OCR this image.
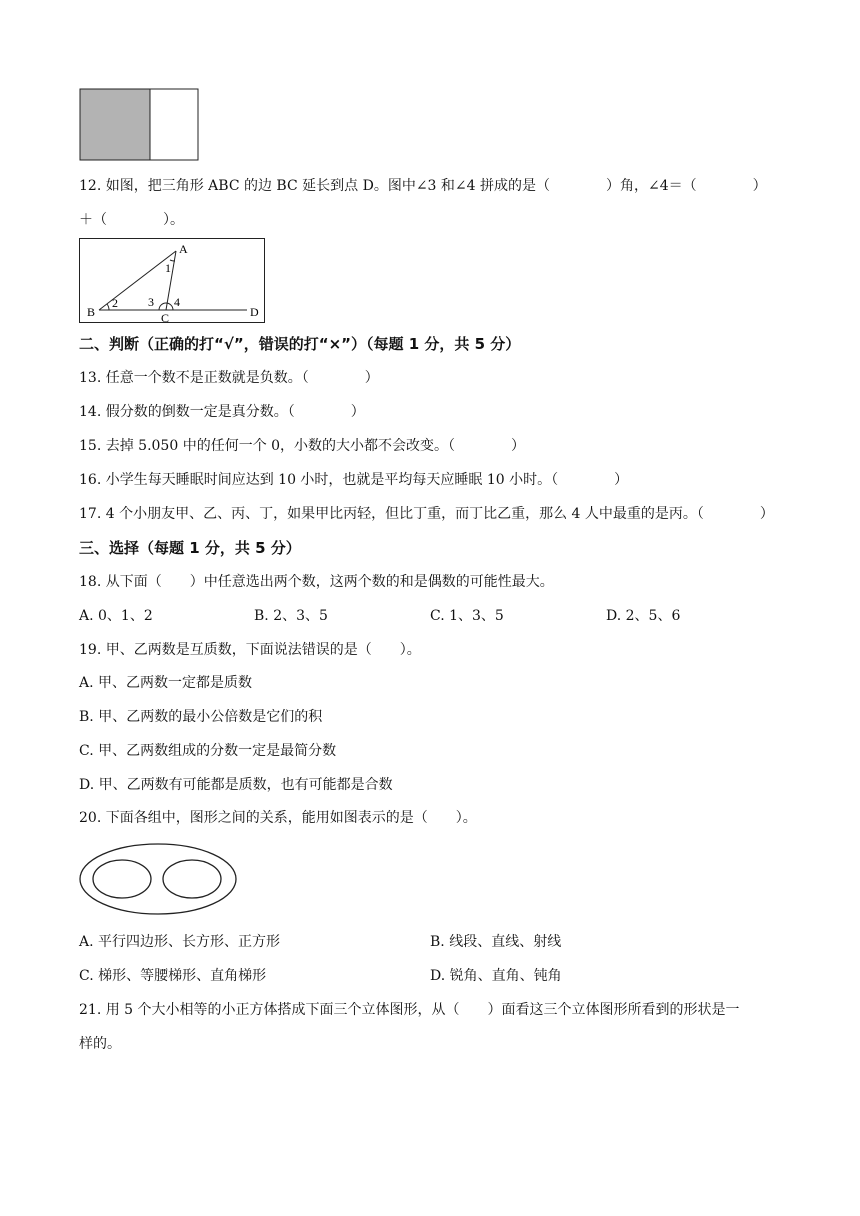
12. 如图，把三角形 ABC 的边 BC 延长到点 D。图中∠3 和∠4 拼成的是（　　　　）角，∠4＝（　　　　）
＋（　　　　）。
A
B	C	D
1
2	3 4
二、判断（正确的打“√”，错误的打“×”）（每题 1 分，共 5 分）
13. 任意一个数不是正数就是负数。（　　　　）
14. 假分数的倒数一定是真分数。（　　　　）
15. 去掉 5.050 中的任何一个 0，小数的大小都不会改变。（　　　　）
16. 小学生每天睡眠时间应达到 10 小时，也就是平均每天应睡眠 10 小时。（　　　　）
17. 4 个小朋友甲、乙、丙、丁，如果甲比丙轻，但比丁重，而丁比乙重，那么 4 人中最重的是丙。（　　　　）
三、选择（每题 1 分，共 5 分）
18. 从下面（　　）中任意选出两个数，这两个数的和是偶数的可能性最大。
A. 0、1、2	B. 2、3、5	C. 1、3、5	D. 2、5、6
19. 甲、乙两数是互质数，下面说法错误的是（　　）。
A. 甲、乙两数一定都是质数
B. 甲、乙两数的最小公倍数是它们的积
C. 甲、乙两数组成的分数一定是最简分数
D. 甲、乙两数有可能都是质数，也有可能都是合数
20. 下面各组中，图形之间的关系，能用如图表示的是（　　）。
A. 平行四边形、长方形、正方形	B. 线段、直线、射线
C. 梯形、等腰梯形、直角梯形	D. 锐角、直角、钝角
21. 用 5 个大小相等的小正方体搭成下面三个立体图形，从（　　）面看这三个立体图形所看到的形状是一
样的。
